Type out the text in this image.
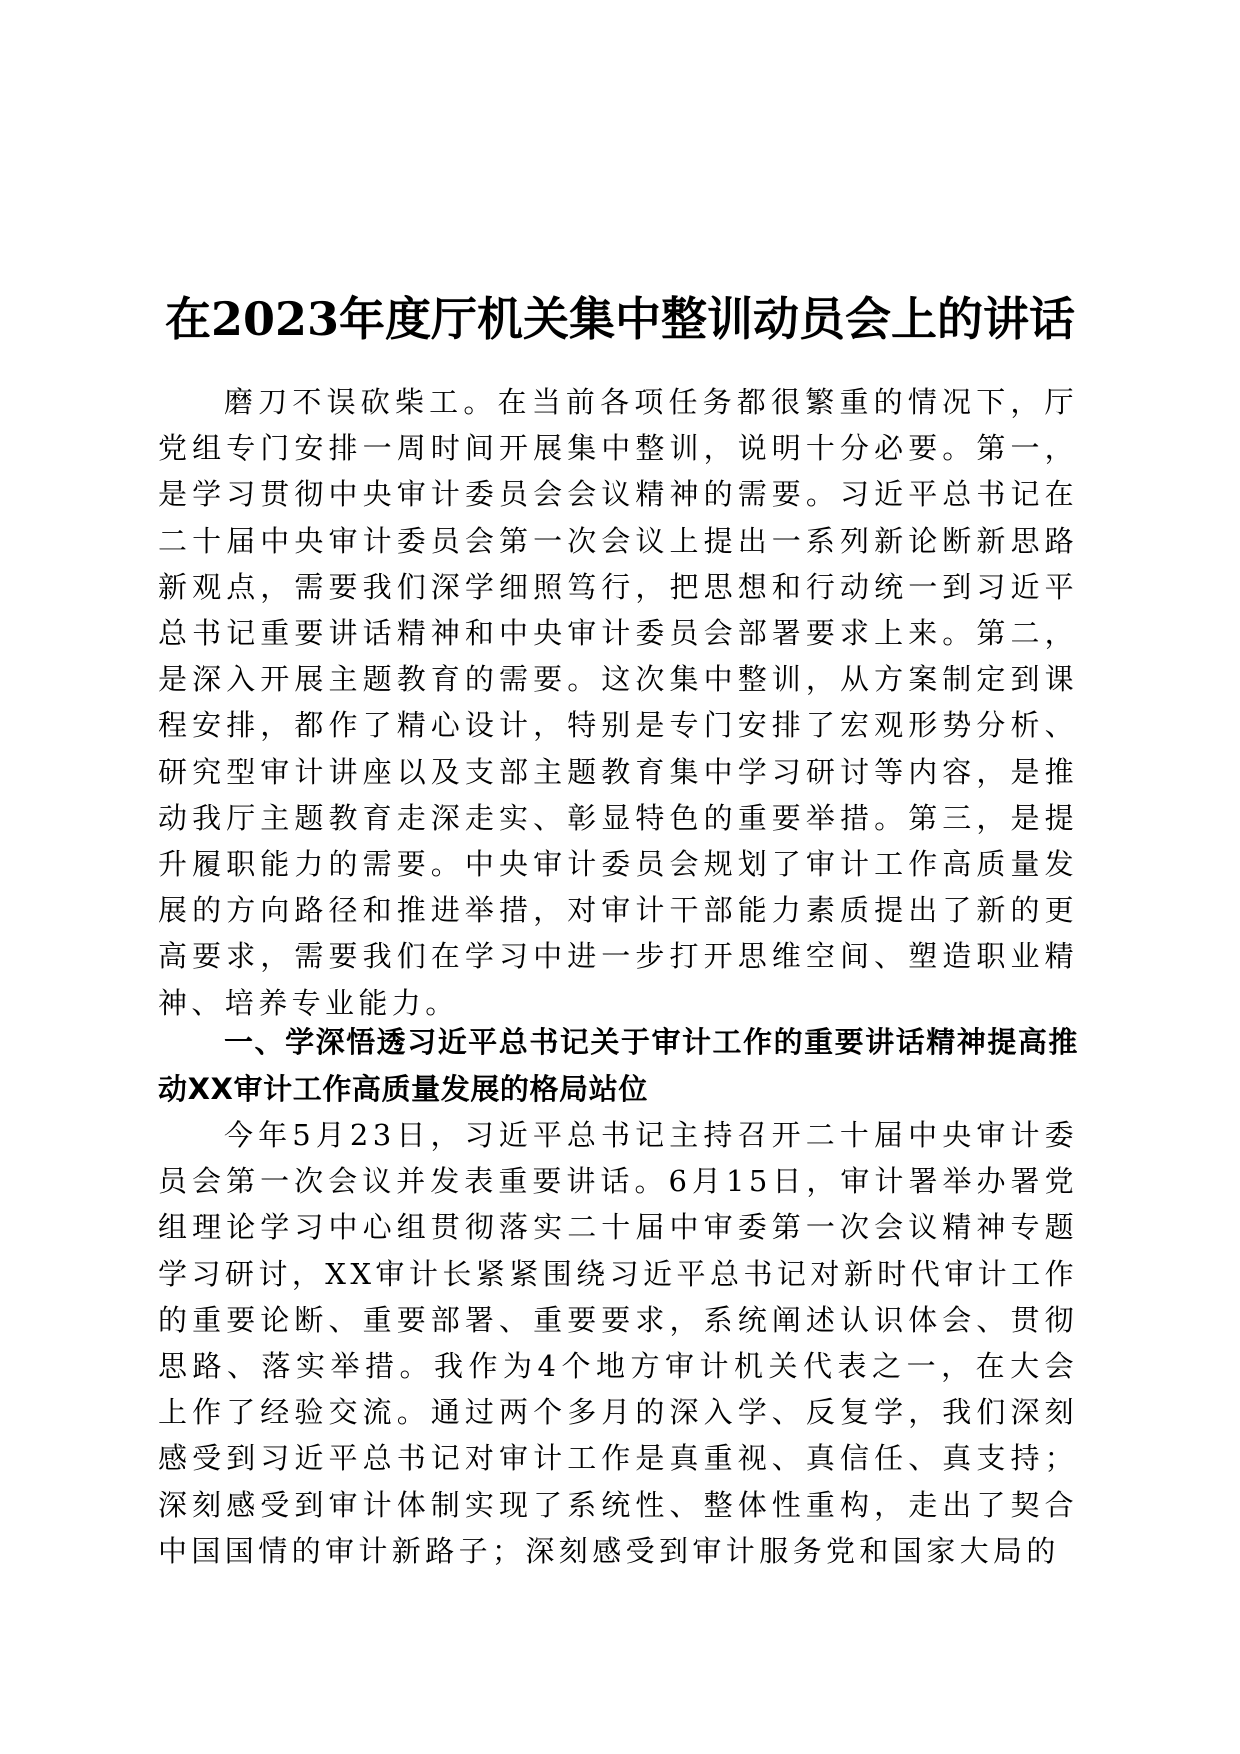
在2023年度厅机关集中整训动员会上的讲话

磨刀不误砍柴工。在当前各项任务都很繁重的情况下，厅党组专门安排一周时间开展集中整训，说明十分必要。第一，是学习贯彻中央审计委员会会议精神的需要。习近平总书记在二十届中央审计委员会第一次会议上提出一系列新论断新思路新观点，需要我们深学细照笃行，把思想和行动统一到习近平总书记重要讲话精神和中央审计委员会部署要求上来。第二，是深入开展主题教育的需要。这次集中整训，从方案制定到课程安排，都作了精心设计，特别是专门安排了宏观形势分析、研究型审计讲座以及支部主题教育集中学习研讨等内容，是推动我厅主题教育走深走实、彰显特色的重要举措。第三，是提升履职能力的需要。中央审计委员会规划了审计工作高质量发展的方向路径和推进举措，对审计干部能力素质提出了新的更高要求，需要我们在学习中进一步打开思维空间、塑造职业精神、培养专业能力。

一、学深悟透习近平总书记关于审计工作的重要讲话精神提高推动XX审计工作高质量发展的格局站位

今年5月23日，习近平总书记主持召开二十届中央审计委员会第一次会议并发表重要讲话。6月15日，审计署举办署党组理论学习中心组贯彻落实二十届中审委第一次会议精神专题学习研讨，XX审计长紧紧围绕习近平总书记对新时代审计工作的重要论断、重要部署、重要要求，系统阐述认识体会、贯彻思路、落实举措。我作为4个地方审计机关代表之一，在大会上作了经验交流。通过两个多月的深入学、反复学，我们深刻感受到习近平总书记对审计工作是真重视、真信任、真支持；深刻感受到审计体制实现了系统性、整体性重构，走出了契合中国国情的审计新路子；深刻感受到审计服务党和国家大局的
